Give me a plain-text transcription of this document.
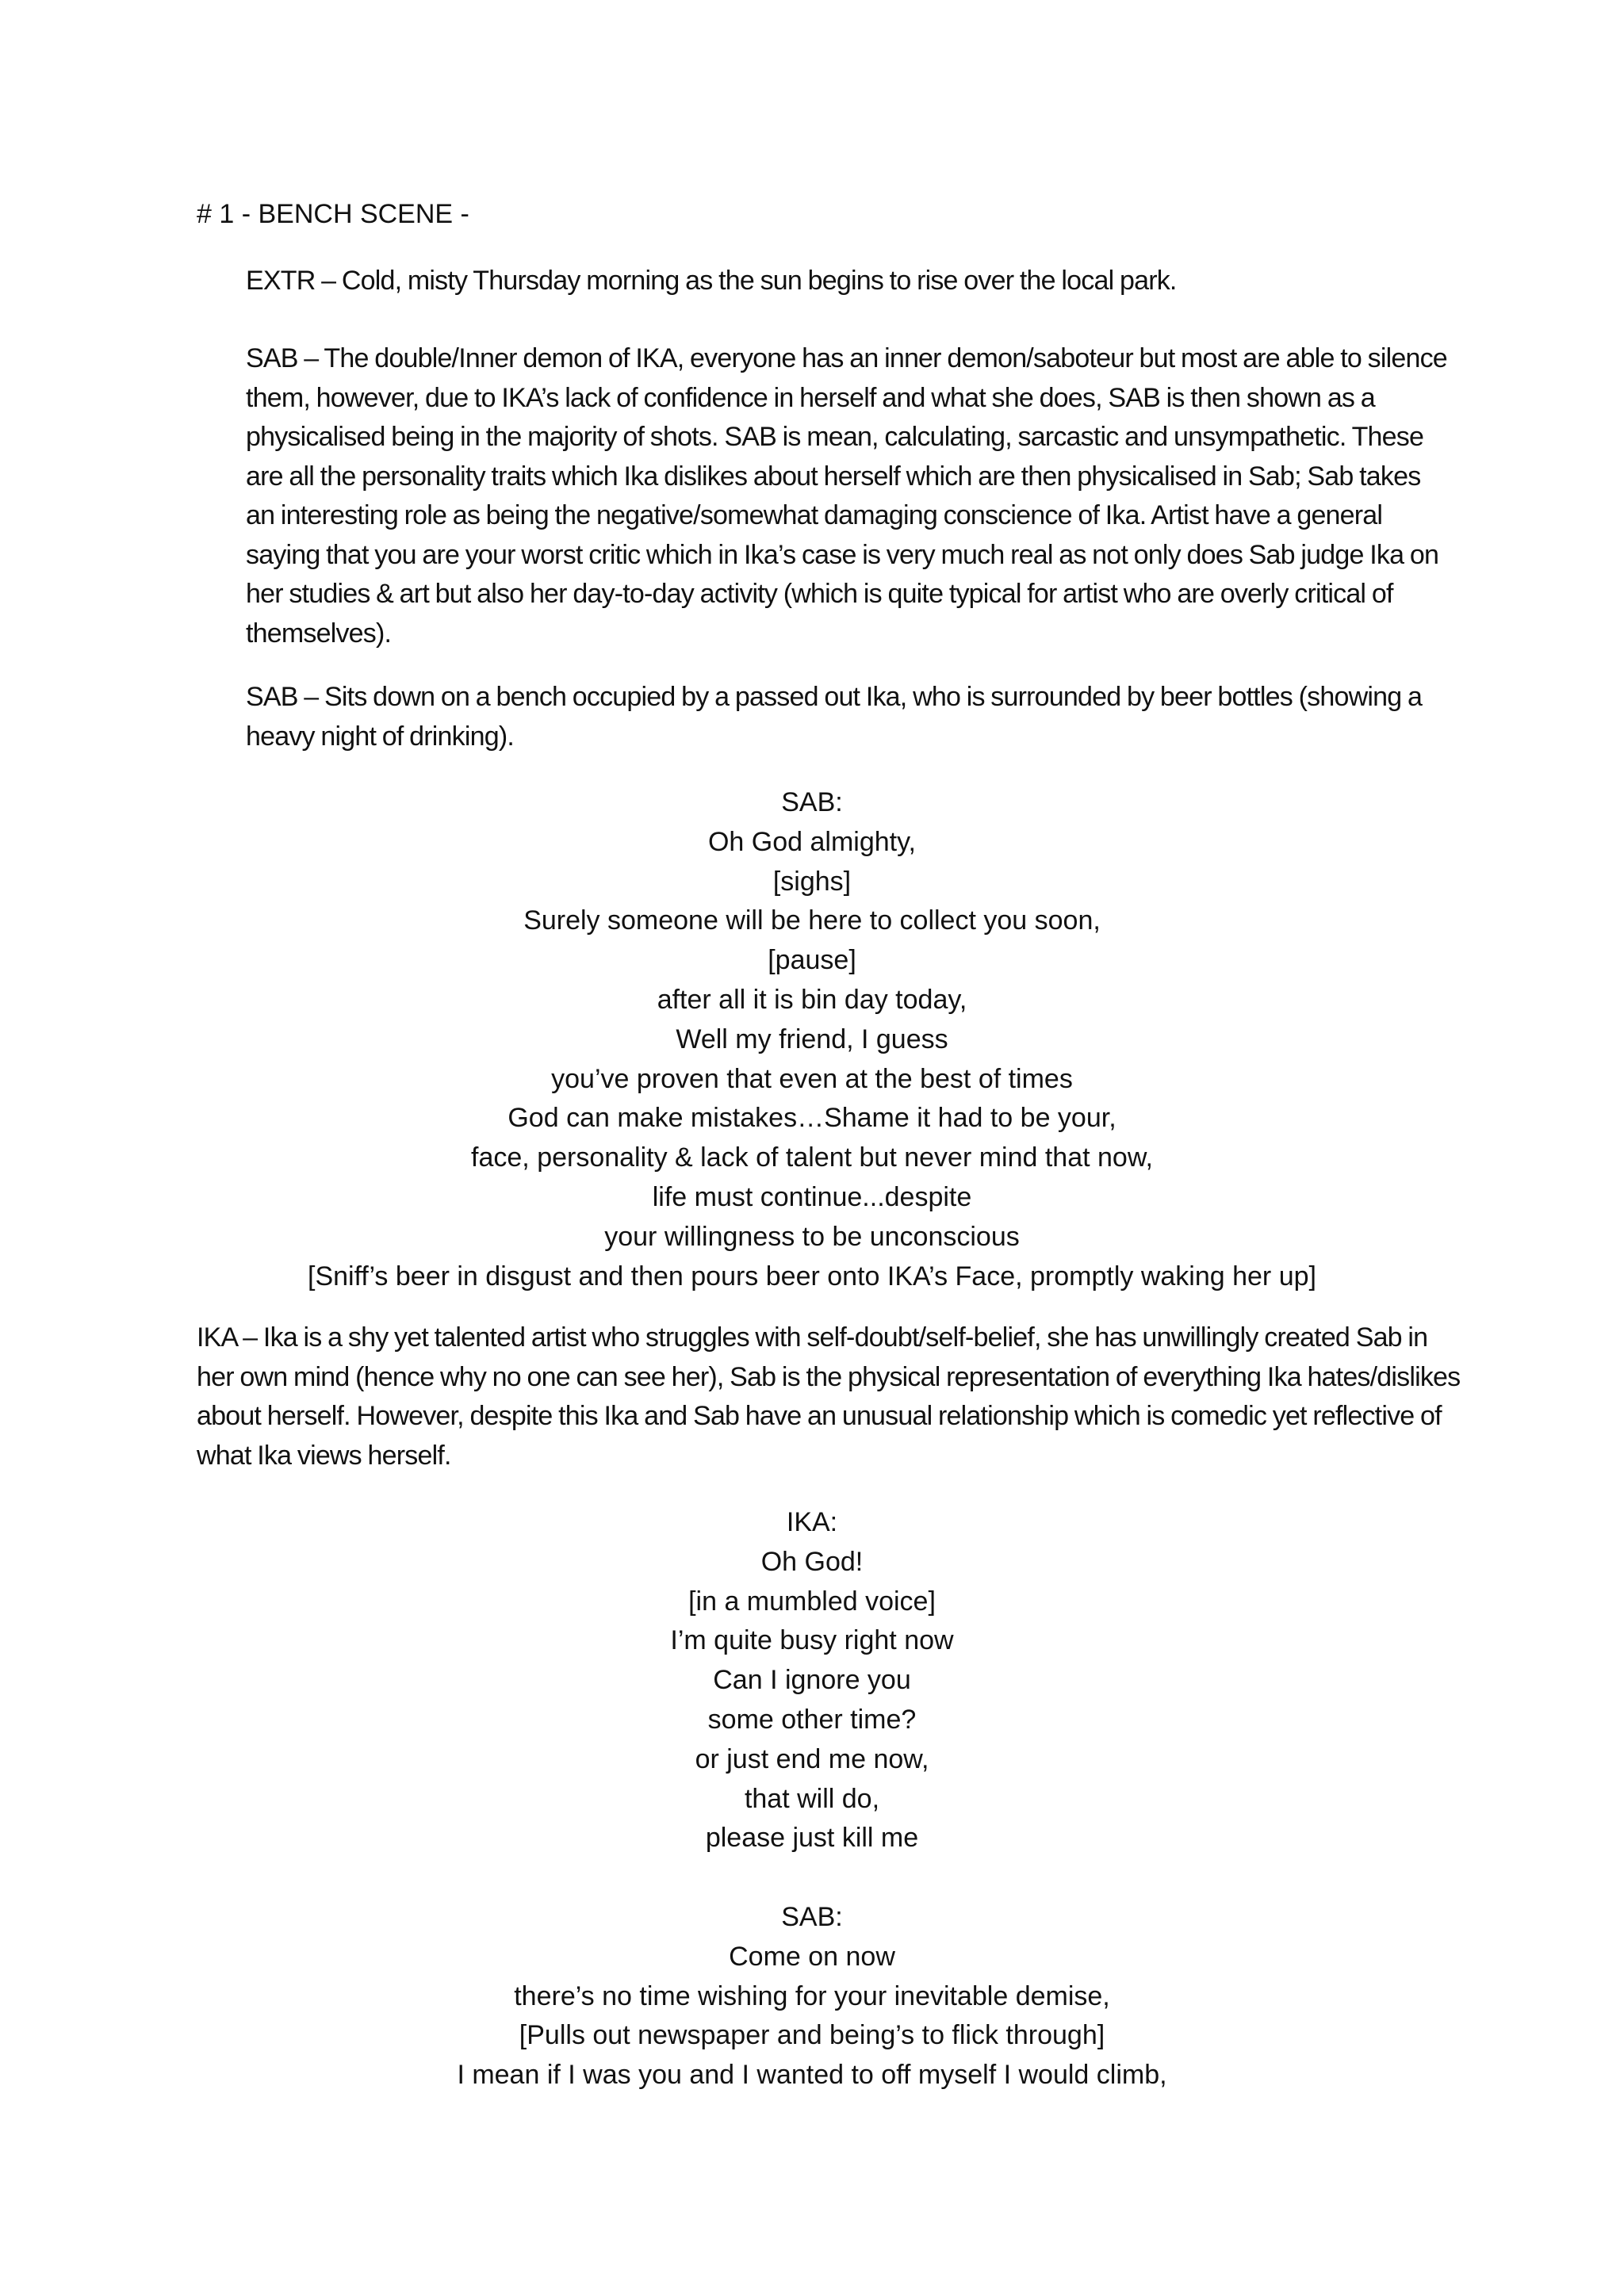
# 1 - BENCH SCENE -

EXTR – Cold, misty Thursday morning as the sun begins to rise over the local park.

SAB – The double/Inner demon of IKA, everyone has an inner demon/saboteur but most are able to silence them, however, due to IKA’s lack of confidence in herself and what she does, SAB is then shown as a physicalised being in the majority of shots. SAB is mean, calculating, sarcastic and unsympathetic. These are all the personality traits which Ika dislikes about herself which are then physicalised in Sab; Sab takes an interesting role as being the negative/somewhat damaging conscience of Ika. Artist have a general saying that you are your worst critic which in Ika’s case is very much real as not only does Sab judge Ika on her studies & art but also her day-to-day activity (which is quite typical for artist who are overly critical of themselves).

SAB – Sits down on a bench occupied by a passed out Ika, who is surrounded by beer bottles (showing a heavy night of drinking).

SAB:
Oh God almighty,
[sighs]
Surely someone will be here to collect you soon,
[pause]
after all it is bin day today,
Well my friend, I guess
you’ve proven that even at the best of times
God can make mistakes…Shame it had to be your,
face, personality & lack of talent but never mind that now,
life must continue...despite
your willingness to be unconscious
[Sniff’s beer in disgust and then pours beer onto IKA’s Face, promptly waking her up]

IKA – Ika is a shy yet talented artist who struggles with self-doubt/self-belief, she has unwillingly created Sab in her own mind (hence why no one can see her), Sab is the physical representation of everything Ika hates/dislikes about herself. However, despite this Ika and Sab have an unusual relationship which is comedic yet reflective of what Ika views herself.

IKA:
Oh God!
[in a mumbled voice]
I’m quite busy right now
Can I ignore you
some other time?
or just end me now,
that will do,
please just kill me
SAB:
Come on now
there’s no time wishing for your inevitable demise,
[Pulls out newspaper and being’s to flick through]
I mean if I was you and I wanted to off myself I would climb,
